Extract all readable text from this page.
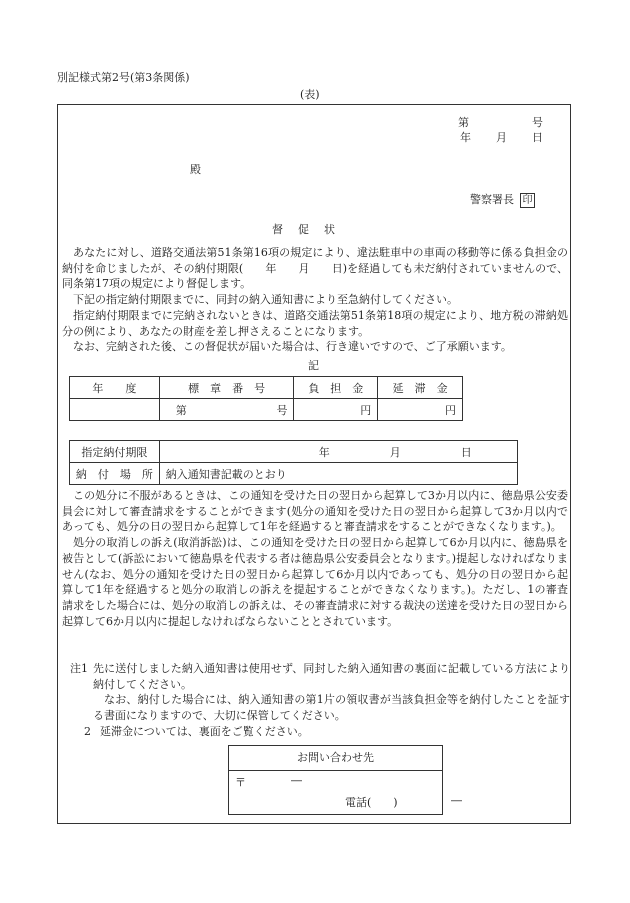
別記様式第2号(第3条関係)
(表)
第	号
年 月 日
殿
警察署長 印
督　促　状

あなたに対し、道路交通法第51条第16項の規定により、違法駐車中の車両の移動等に係る負担金の納付を命じましたが、その納付期限(　　年　　月　　日)を経過しても未だ納付されていませんので、同条第17項の規定により督促します。

下記の指定納付期限までに、同封の納入通知書により至急納付してください。

指定納付期限までに完納されないときは、道路交通法第51条第18項の規定により、地方税の滞納処分の例により、あなたの財産を差し押さえることになります。

なお、完納された後、この督促状が届いた場合は、行き違いですので、ご了承願います。

記
年　　度	標　章　番　号		負　担　金	延　滞　金
	第	号	円	円
指定納付期限	年 月 日
納　付　場　所	納入通知書記載のとおり

この処分に不服があるときは、この通知を受けた日の翌日から起算して3か月以内に、徳島県公安委員会に対して審査請求をすることができます(処分の通知を受けた日の翌日から起算して3か月以内であっても、処分の日の翌日から起算して1年を経過すると審査請求をすることができなくなります。)。

処分の取消しの訴え(取消訴訟)は、この通知を受けた日の翌日から起算して6か月以内に、徳島県を被告として(訴訟において徳島県を代表する者は徳島県公安委員会となります。)提起しなければなりません(なお、処分の通知を受けた日の翌日から起算して6か月以内であっても、処分の日の翌日から起算して1年を経過すると処分の取消しの訴えを提起することができなくなります。)。ただし、1の審査請求をした場合には、処分の取消しの訴えは、その審査請求に対する裁決の送達を受けた日の翌日から起算して6か月以内に提起しなければならないこととされています。

注1 先に送付しました納入通知書は使用せず、同封した納入通知書の裏面に記載している方法により納付してください。

なお、納付した場合には、納入通知書の第1片の領収書が当該負担金等を納付したことを証する書面になりますので、大切に保管してください。

2 延滞金については、裏面をご覧ください。

お問い合わせ先
〒	―
電話(　　)	―
